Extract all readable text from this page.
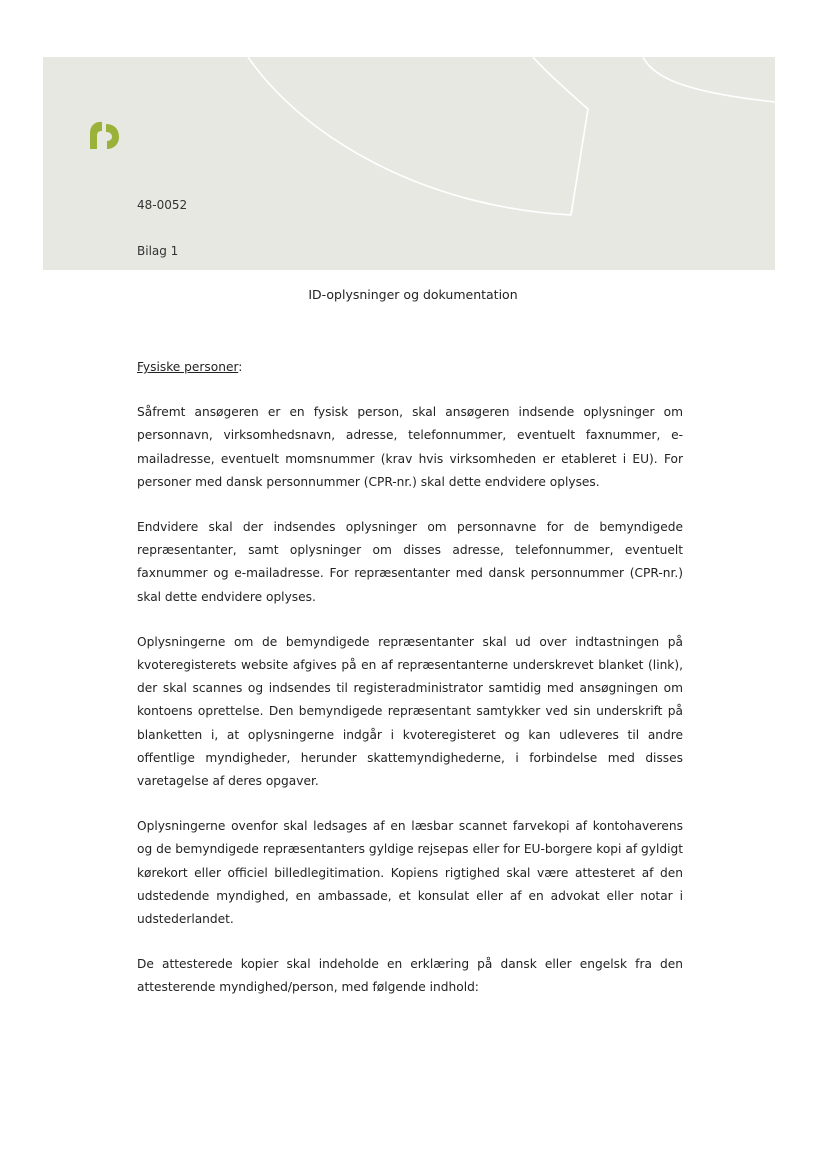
48-0052
Bilag 1
ID-oplysninger og dokumentation
Fysiske personer:

Såfremt ansøgeren er en fysisk person, skal ansøgeren indsende oplysninger om personnavn, virksomhedsnavn, adresse, telefonnummer, eventuelt faxnummer, e-mailadresse, eventuelt momsnummer (krav hvis virksomheden er etableret i EU). For personer med dansk personnummer (CPR-nr.) skal dette endvidere oplyses.

Endvidere skal der indsendes oplysninger om personnavne for de bemyndigede repræsentanter, samt oplysninger om disses adresse, telefonnummer, eventuelt faxnummer og e-mailadresse. For repræsentanter med dansk personnummer (CPR-nr.) skal dette endvidere oplyses.

Oplysningerne om de bemyndigede repræsentanter skal ud over indtastningen på kvoteregisterets website afgives på en af repræsentanterne underskrevet blanket (link), der skal scannes og indsendes til registeradministrator samtidig med ansøgningen om kontoens oprettelse. Den bemyndigede repræsentant samtykker ved sin underskrift på blanketten i, at oplysningerne indgår i kvoteregisteret og kan udleveres til andre offentlige myndigheder, herunder skattemyndighederne, i forbindelse med disses varetagelse af deres opgaver.

Oplysningerne ovenfor skal ledsages af en læsbar scannet farvekopi af kontohaverens og de bemyndigede repræsentanters gyldige rejsepas eller for EU-borgere kopi af gyldigt kørekort eller officiel billedlegitimation. Kopiens rigtighed skal være attesteret af den udstedende myndighed, en ambassade, et konsulat eller af en advokat eller notar i udstederlandet.

De attesterede kopier skal indeholde en erklæring på dansk eller engelsk fra den attesterende myndighed/person, med følgende indhold:
